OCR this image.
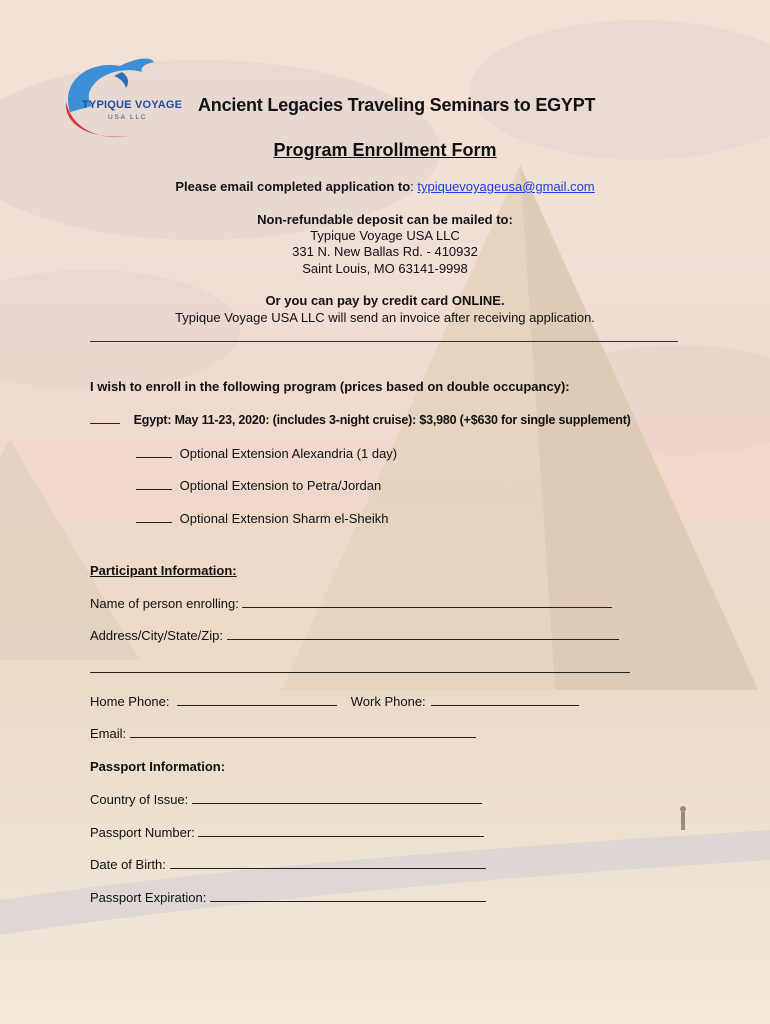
TYPIQUE VOYAGE
USA LLC
Ancient Legacies Traveling Seminars to EGYPT
Program Enrollment Form
Please email completed application to: typiquevoyageusa@gmail.com
Non-refundable deposit can be mailed to:
Typique Voyage USA LLC
331 N. New Ballas Rd. - 410932
Saint Louis, MO 63141-9998
Or you can pay by credit card ONLINE.
Typique Voyage USA LLC will send an invoice after receiving application.
I wish to enroll in the following program (prices based on double occupancy):
Egypt: May 11-23, 2020: (includes 3-night cruise): $3,980 (+$630 for single supplement)
Optional Extension Alexandria (1 day)
Optional Extension to Petra/Jordan
Optional Extension Sharm el-Sheikh
Participant Information:
Name of person enrolling:
Address/City/State/Zip:
Home Phone:	Work Phone:
Email:
Passport Information:
Country of Issue:
Passport Number:
Date of Birth:
Passport Expiration:
